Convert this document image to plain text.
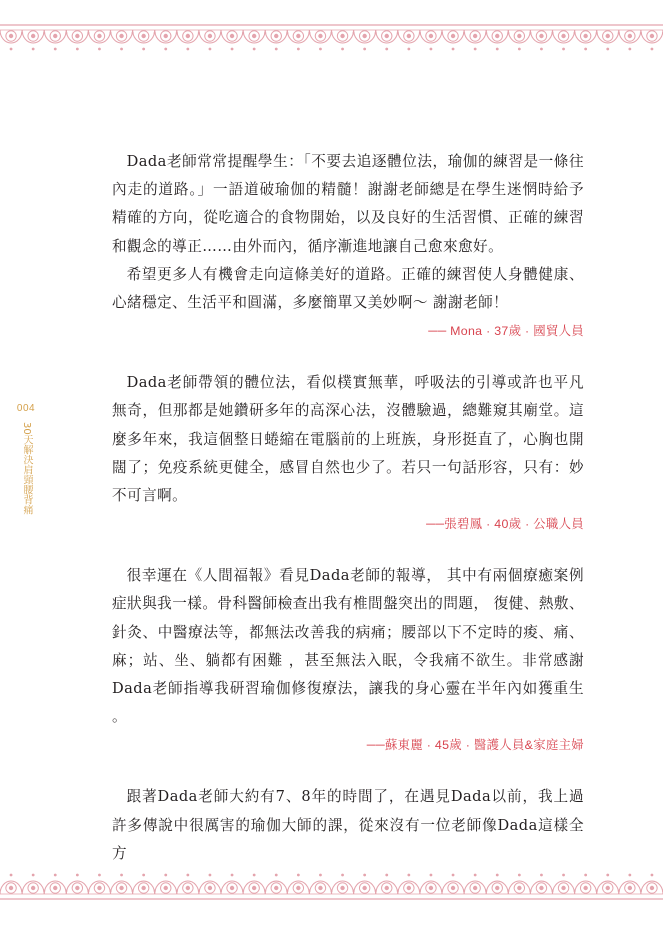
004
30天解決肩頸腰背痛

Dada老師常常提醒學生：「不要去追逐體位法，瑜伽的練習是一條往內走的道路。」一語道破瑜伽的精髓！謝謝老師總是在學生迷惘時給予精確的方向，從吃適合的食物開始，以及良好的生活習慣、正確的練習和觀念的導正……由外而內，循序漸進地讓自己愈來愈好。

希望更多人有機會走向這條美好的道路。正確的練習使人身體健康、心緒穩定、生活平和圓滿，多麼簡單又美妙啊～ 謝謝老師！

── Mona · 37歲 · 國貿人員

Dada老師帶領的體位法，看似樸實無華，呼吸法的引導或許也平凡無奇，但那都是她鑽研多年的高深心法，沒體驗過，總難窺其廟堂。這麼多年來，我這個整日蜷縮在電腦前的上班族，身形挺直了，心胸也開闊了；免疫系統更健全，感冒自然也少了。若只一句話形容，只有：妙不可言啊。

──張碧鳳 · 40歲 · 公職人員

很幸運在《人間福報》看見Dada老師的報導， 其中有兩個療癒案例症狀與我一樣。骨科醫師檢查出我有椎間盤突出的問題， 復健、熱敷、針灸、中醫療法等，都無法改善我的病痛；腰部以下不定時的痠、痛、麻；站、坐、躺都有困難 ，甚至無法入眠，令我痛不欲生。非常感謝Dada老師指導我研習瑜伽修復療法，讓我的身心靈在半年內如獲重生 。

──蘇東麗 · 45歲 · 醫護人員&家庭主婦

跟著Dada老師大約有7、8年的時間了，在遇見Dada以前，我上過許多傳說中很厲害的瑜伽大師的課，從來沒有一位老師像Dada這樣全方
